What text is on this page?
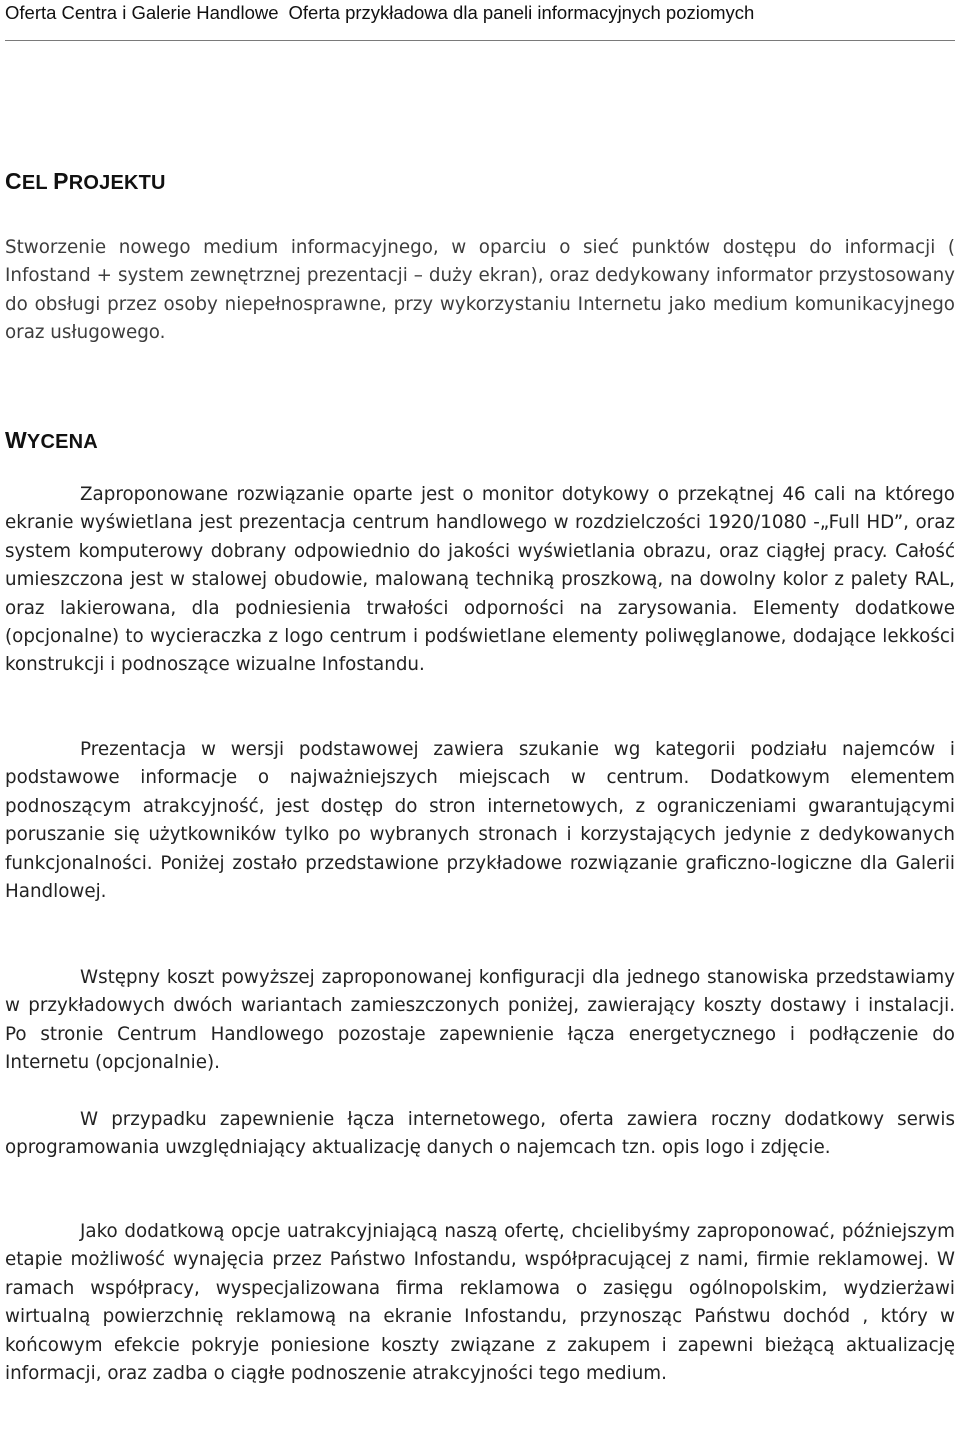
Oferta Centra i Galerie Handlowe Oferta przykładowa dla paneli informacyjnych poziomych
CEL PROJEKTU

Stworzenie nowego medium informacyjnego, w oparciu o sieć punktów dostępu do informacji ( Infostand + system zewnętrznej prezentacji – duży ekran), oraz dedykowany informator przystosowany do obsługi przez osoby niepełnosprawne, przy wykorzystaniu Internetu jako medium komunikacyjnego oraz usługowego.

WYCENA

Zaproponowane rozwiązanie oparte jest o monitor dotykowy o przekątnej 46 cali na którego ekranie wyświetlana jest prezentacja centrum handlowego w rozdzielczości 1920/1080 -„Full HD”, oraz system komputerowy dobrany odpowiednio do jakości wyświetlania obrazu, oraz ciągłej pracy. Całość umieszczona jest w stalowej obudowie, malowaną techniką proszkową, na dowolny kolor z palety RAL, oraz lakierowana, dla podniesienia trwałości odporności na zarysowania. Elementy dodatkowe (opcjonalne) to wycieraczka z logo centrum i podświetlane elementy poliwęglanowe, dodające lekkości konstrukcji i podnoszące wizualne Infostandu.

Prezentacja w wersji podstawowej zawiera szukanie wg kategorii podziału najemców i podstawowe informacje o najważniejszych miejscach w centrum. Dodatkowym elementem podnoszącym atrakcyjność, jest dostęp do stron internetowych, z ograniczeniami gwarantującymi poruszanie się użytkowników tylko po wybranych stronach i korzystających jedynie z dedykowanych funkcjonalności. Poniżej zostało przedstawione przykładowe rozwiązanie graficzno-logiczne dla Galerii Handlowej.

Wstępny koszt powyższej zaproponowanej konfiguracji dla jednego stanowiska przedstawiamy w przykładowych dwóch wariantach zamieszczonych poniżej, zawierający koszty dostawy i instalacji. Po stronie Centrum Handlowego pozostaje zapewnienie łącza energetycznego i podłączenie do Internetu (opcjonalnie).

W przypadku zapewnienie łącza internetowego, oferta zawiera roczny dodatkowy serwis oprogramowania uwzględniający aktualizację danych o najemcach tzn. opis logo i zdjęcie.

Jako dodatkową opcje uatrakcyjniającą naszą ofertę, chcielibyśmy zaproponować, późniejszym etapie możliwość wynajęcia przez Państwo Infostandu, współpracującej z nami, firmie reklamowej. W ramach współpracy, wyspecjalizowana firma reklamowa o zasięgu ogólnopolskim, wydzierżawi wirtualną powierzchnię reklamową na ekranie Infostandu, przynosząc Państwu dochód , który w końcowym efekcie pokryje poniesione koszty związane z zakupem i zapewni bieżącą aktualizację informacji, oraz zadba o ciągłe podnoszenie atrakcyjności tego medium.
